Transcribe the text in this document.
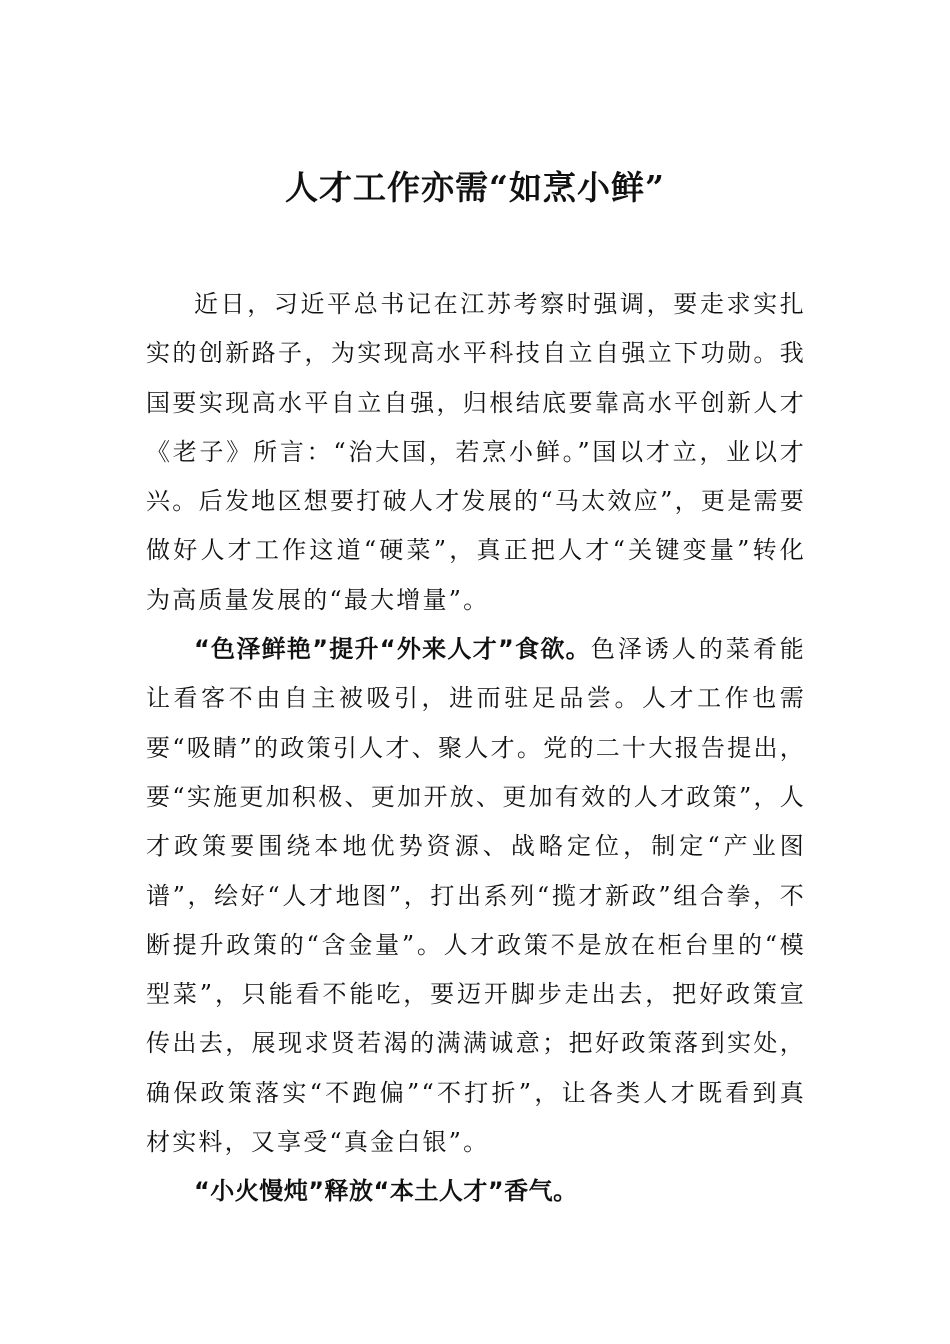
人才工作亦需“如烹小鲜”

近日，习近平总书记在江苏考察时强调，要走求实扎实的创新路子，为实现高水平科技自立自强立下功勋。我国要实现高水平自立自强，归根结底要靠高水平创新人才《老子》所言：“治大国，若烹小鲜。”国以才立，业以才兴。后发地区想要打破人才发展的“马太效应”，更是需要做好人才工作这道“硬菜”，真正把人才“关键变量”转化为高质量发展的“最大增量”。

“色泽鲜艳”提升“外来人才”食欲。色泽诱人的菜肴能让看客不由自主被吸引，进而驻足品尝。人才工作也需要“吸睛”的政策引人才、聚人才。党的二十大报告提出，要“实施更加积极、更加开放、更加有效的人才政策”，人才政策要围绕本地优势资源、战略定位，制定“产业图谱”，绘好“人才地图”，打出系列“揽才新政”组合拳，不断提升政策的“含金量”。人才政策不是放在柜台里的“模型菜”，只能看不能吃，要迈开脚步走出去，把好政策宣传出去，展现求贤若渴的满满诚意；把好政策落到实处，确保政策落实“不跑偏”“不打折”，让各类人才既看到真材实料，又享受“真金白银”。

“小火慢炖”释放“本土人才”香气。
